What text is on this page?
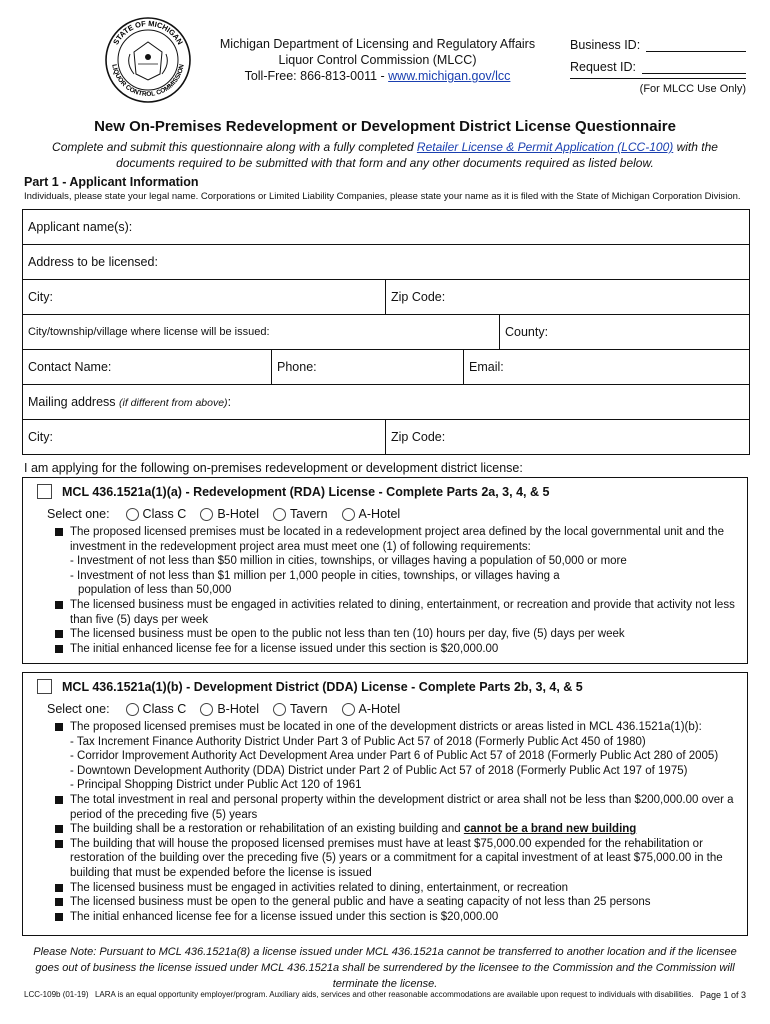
STATE OF MICHIGAN
LIQUOR CONTROL COMMISSION
Michigan Department of Licensing and Regulatory Affairs
Liquor Control Commission (MLCC)
Toll-Free: 866-813-0011 - www.michigan.gov/lcc
Business ID:
Request ID:
(For MLCC Use Only)
New On-Premises Redevelopment or Development District License Questionnaire
Complete and submit this questionnaire along with a fully completed Retailer License & Permit Application (LCC-100) with the documents required to be submitted with that form and any other documents required as listed below.
Part 1 - Applicant Information
Individuals, please state your legal name. Corporations or Limited Liability Companies, please state your name as it is filed with the State of Michigan Corporation Division.
Applicant name(s):
Address to be licensed:
City:	Zip Code:
City/township/village where license will be issued:	County:
Contact Name:	Phone:	Email:
Mailing address (if different from above):
City:	Zip Code:
I am applying for the following on-premises redevelopment or development district license:
MCL 436.1521a(1)(a) - Redevelopment (RDA) License - Complete Parts 2a, 3, 4, & 5
Select one:	Class C B-Hotel Tavern A-Hotel
The proposed licensed premises must be located in a redevelopment project area defined by the local governmental unit and the investment in the redevelopment project area must meet one (1) of following requirements:
- Investment of not less than $50 million in cities, townships, or villages having a population of 50,000 or more
- Investment of not less than $1 million per 1,000 people in cities, townships, or villages having a
population of less than 50,000
The licensed business must be engaged in activities related to dining, entertainment, or recreation and provide that activity not less than five (5) days per week
The licensed business must be open to the public not less than ten (10) hours per day, five (5) days per week
The initial enhanced license fee for a license issued under this section is $20,000.00
MCL 436.1521a(1)(b) - Development District (DDA) License - Complete Parts 2b, 3, 4, & 5
Select one:	Class C B-Hotel Tavern A-Hotel
The proposed licensed premises must be located in one of the development districts or areas listed in MCL 436.1521a(1)(b):
- Tax Increment Finance Authority District Under Part 3 of Public Act 57 of 2018 (Formerly Public Act 450 of 1980)
- Corridor Improvement Authority Act Development Area under Part 6 of Public Act 57 of 2018 (Formerly Public Act 280 of 2005)
- Downtown Development Authority (DDA) District under Part 2 of Public Act 57 of 2018 (Formerly Public Act 197 of 1975)
- Principal Shopping District under Public Act 120 of 1961
The total investment in real and personal property within the development district or area shall not be less than $200,000.00 over a period of the preceding five (5) years
The building shall be a restoration or rehabilitation of an existing building and cannot be a brand new building
The building that will house the proposed licensed premises must have at least $75,000.00 expended for the rehabilitation or restoration of the building over the preceding five (5) years or a commitment for a capital investment of at least $75,000.00 in the building that must be expended before the license is issued
The licensed business must be engaged in activities related to dining, entertainment, or recreation
The licensed business must be open to the general public and have a seating capacity of not less than 25 persons
The initial enhanced license fee for a license issued under this section is $20,000.00
Please Note: Pursuant to MCL 436.1521a(8) a license issued under MCL 436.1521a cannot be transferred to another location and if the licensee goes out of business the license issued under MCL 436.1521a shall be surrendered by the licensee to the Commission and the Commission will terminate the license.
LCC-109b (01-19) LARA is an equal opportunity employer/program. Auxiliary aids, services and other reasonable accommodations are available upon request to individuals with disabilities. Page 1 of 3
